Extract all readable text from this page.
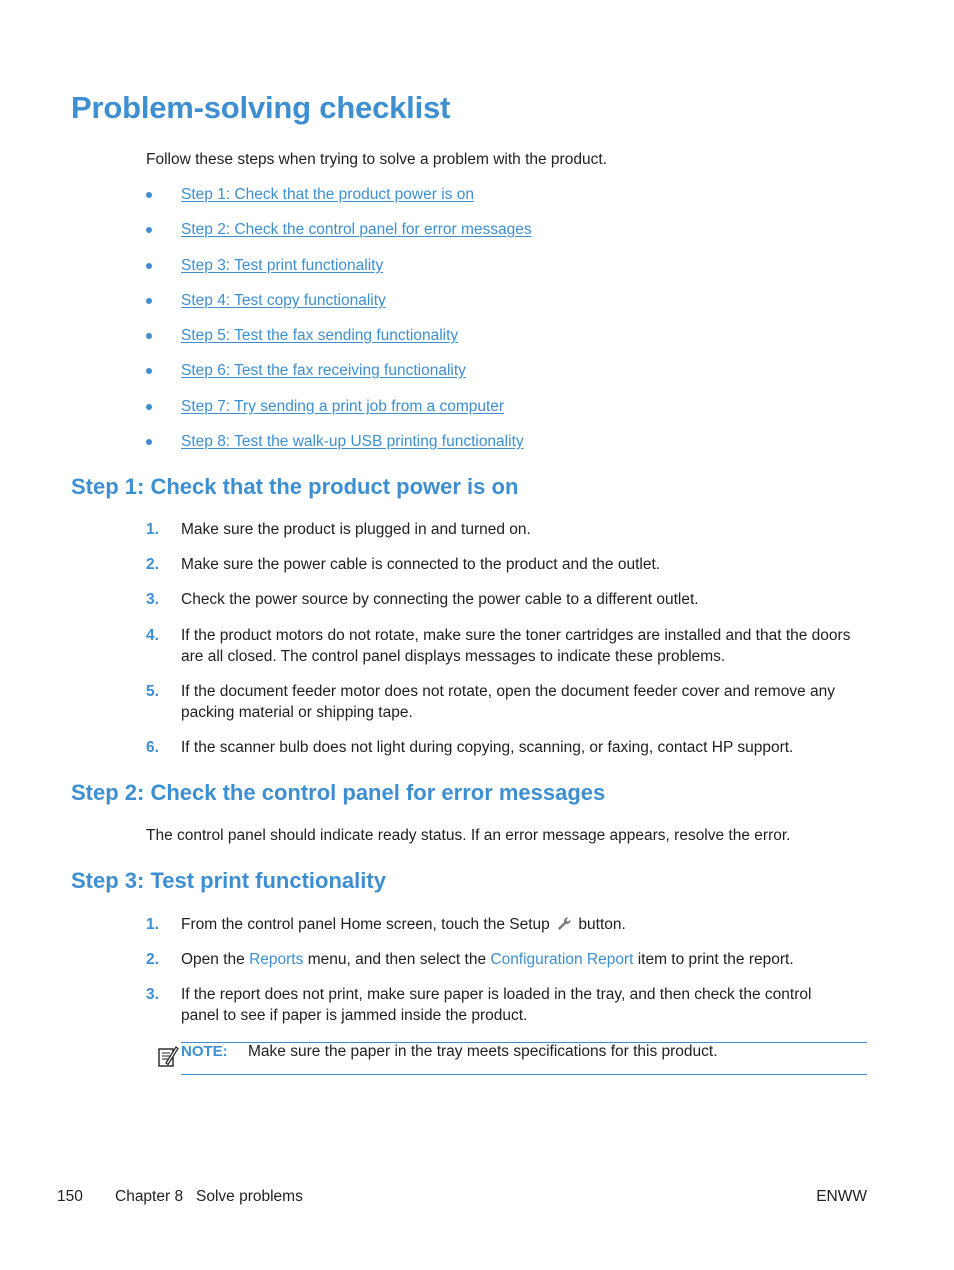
Problem-solving checklist
Follow these steps when trying to solve a problem with the product.
Step 1: Check that the product power is on
Step 2: Check the control panel for error messages
Step 3: Test print functionality
Step 4: Test copy functionality
Step 5: Test the fax sending functionality
Step 6: Test the fax receiving functionality
Step 7: Try sending a print job from a computer
Step 8: Test the walk-up USB printing functionality
Step 1: Check that the product power is on
1. Make sure the product is plugged in and turned on.
2. Make sure the power cable is connected to the product and the outlet.
3. Check the power source by connecting the power cable to a different outlet.
4. If the product motors do not rotate, make sure the toner cartridges are installed and that the doors are all closed. The control panel displays messages to indicate these problems.
5. If the document feeder motor does not rotate, open the document feeder cover and remove any packing material or shipping tape.
6. If the scanner bulb does not light during copying, scanning, or faxing, contact HP support.
Step 2: Check the control panel for error messages
The control panel should indicate ready status. If an error message appears, resolve the error.
Step 3: Test print functionality
1. From the control panel Home screen, touch the Setup button.
2. Open the Reports menu, and then select the Configuration Report item to print the report.
3. If the report does not print, make sure paper is loaded in the tray, and then check the control panel to see if paper is jammed inside the product.
NOTE: Make sure the paper in the tray meets specifications for this product.
150 Chapter 8   Solve problems	ENWW
